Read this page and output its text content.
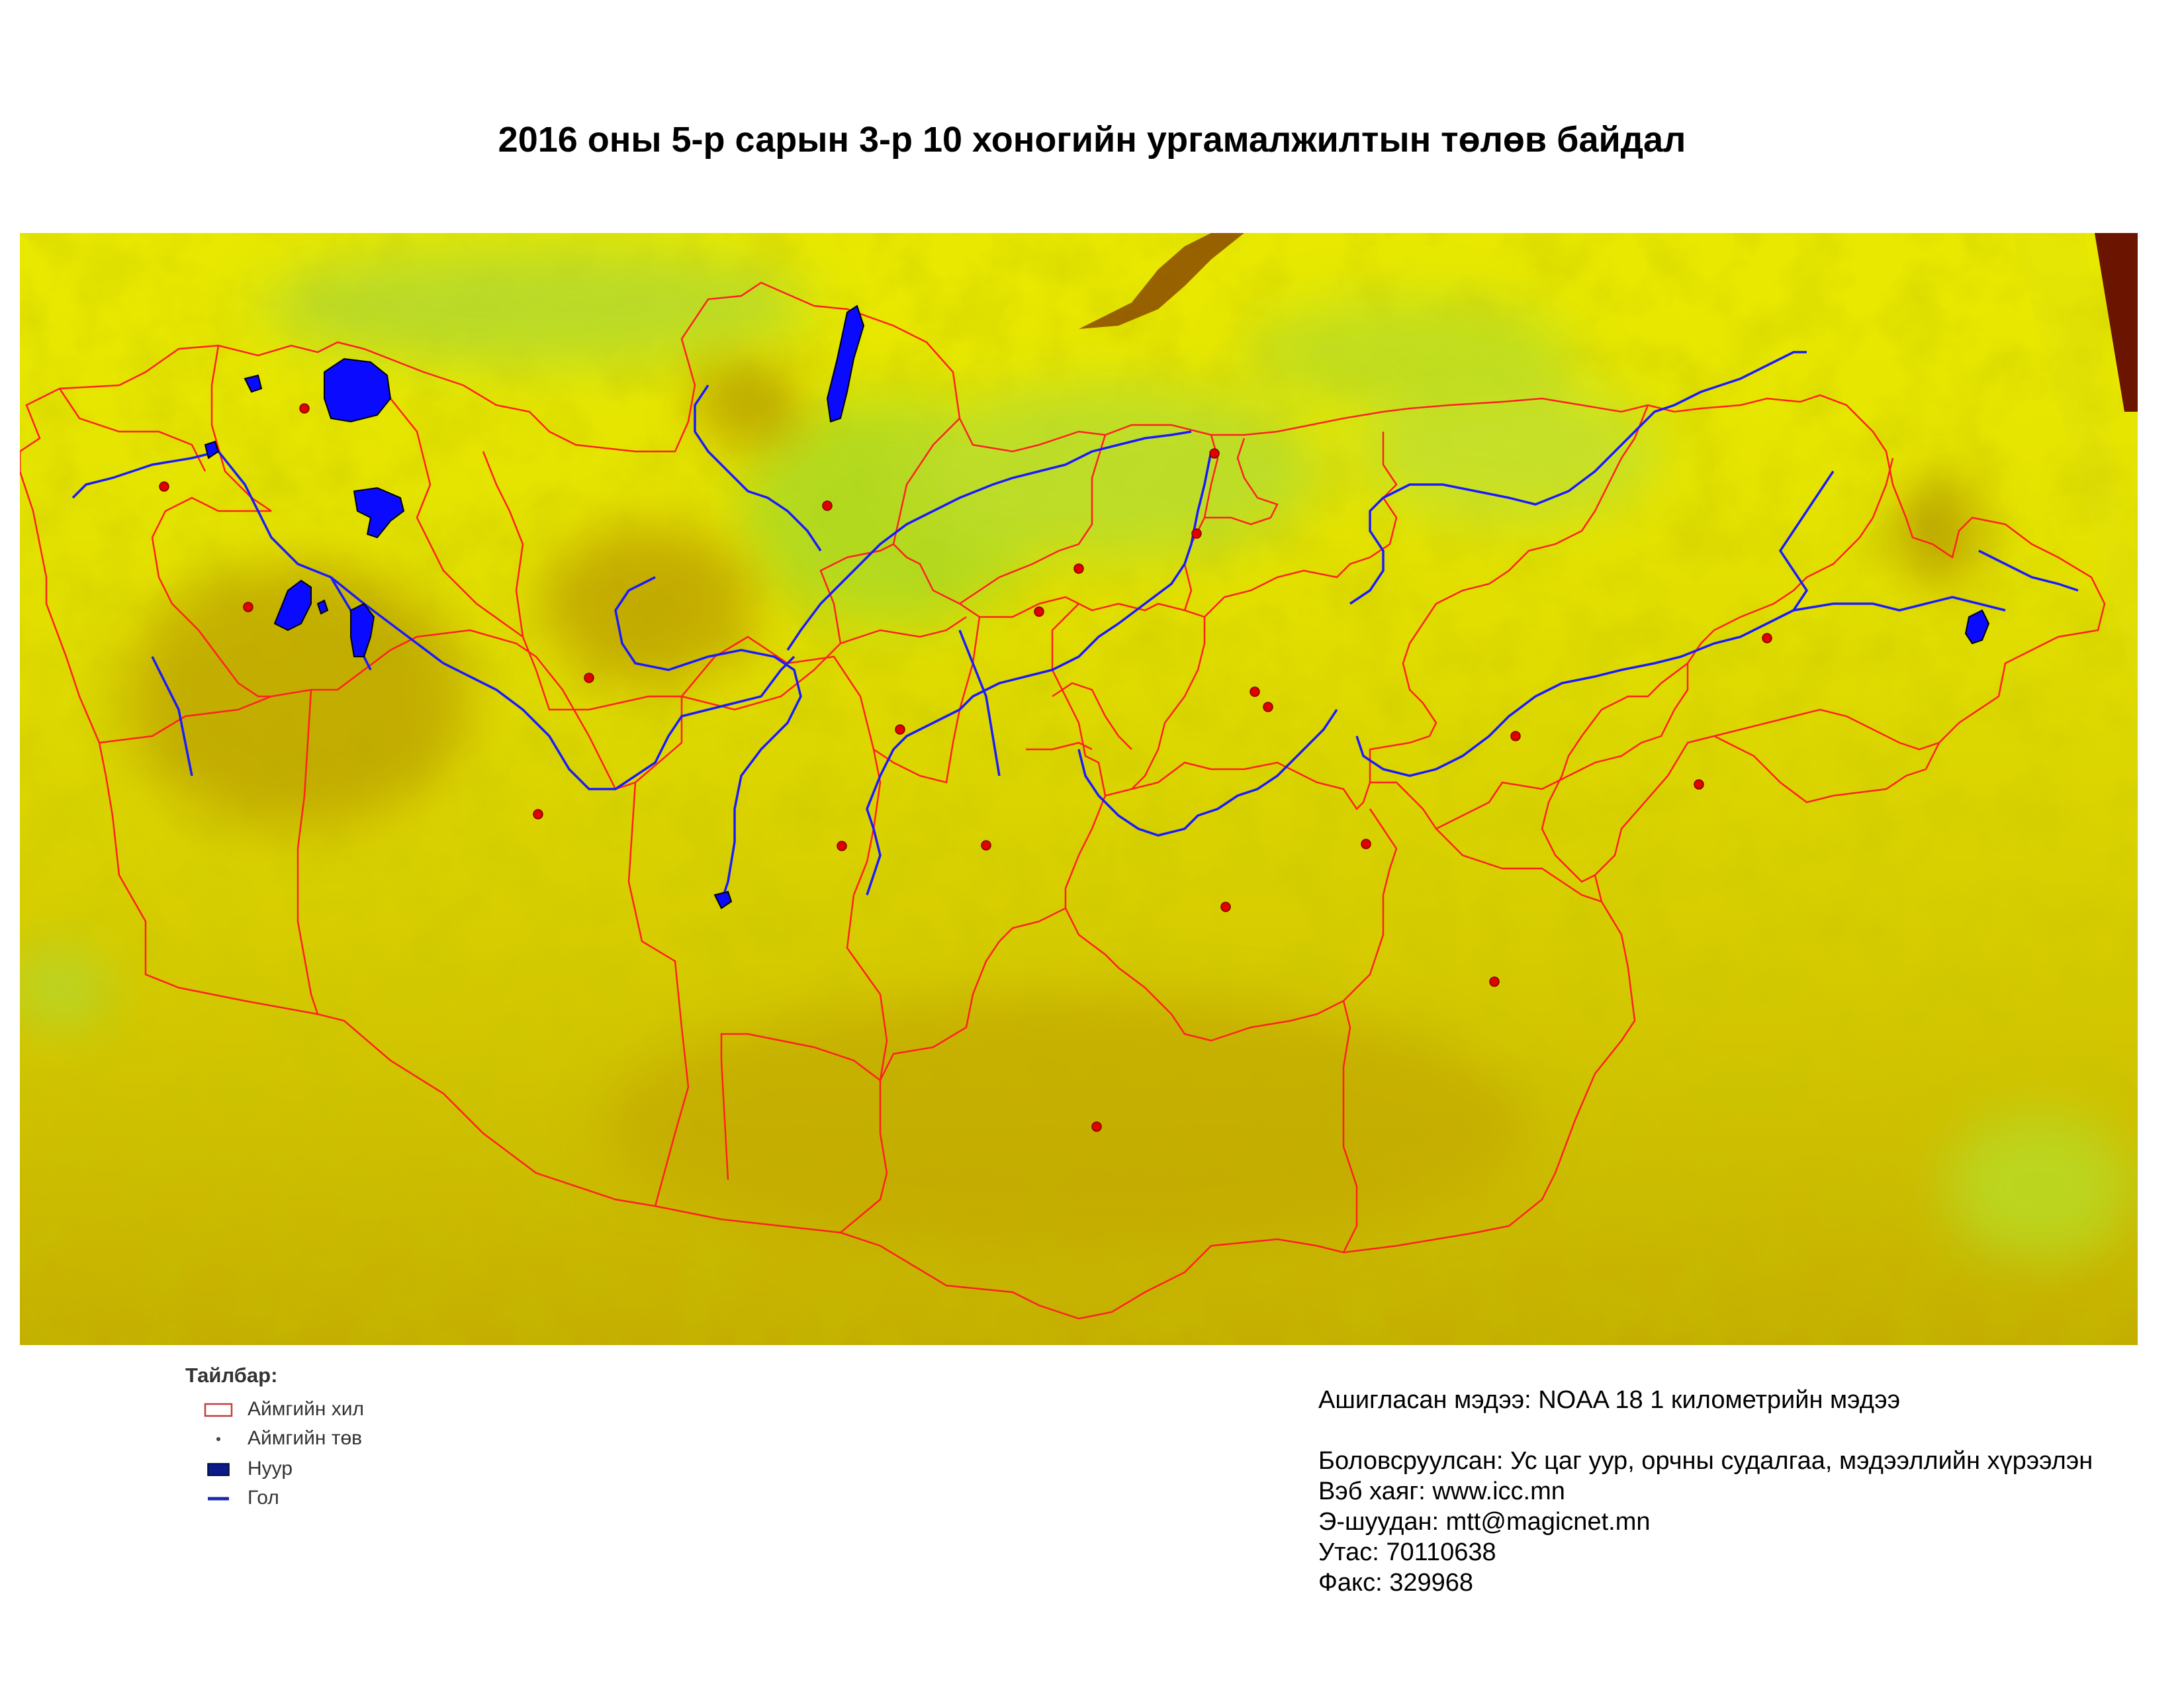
2016 оны 5-р сарын 3-р 10 хоногийн ургамалжилтын төлөв байдал
Тайлбар:
Аймгийн хил
Аймгийн төв
Нуур
Гол
Ашигласан мэдээ: NOAA 18 1 километрийн мэдээ
Боловсруулсан: Ус цаг уур, орчны судалгаа, мэдээллийн хүрээлэн
Вэб хаяг: www.icc.mn
Э-шуудан: mtt@magicnet.mn
Утас: 70110638
Факс: 329968
